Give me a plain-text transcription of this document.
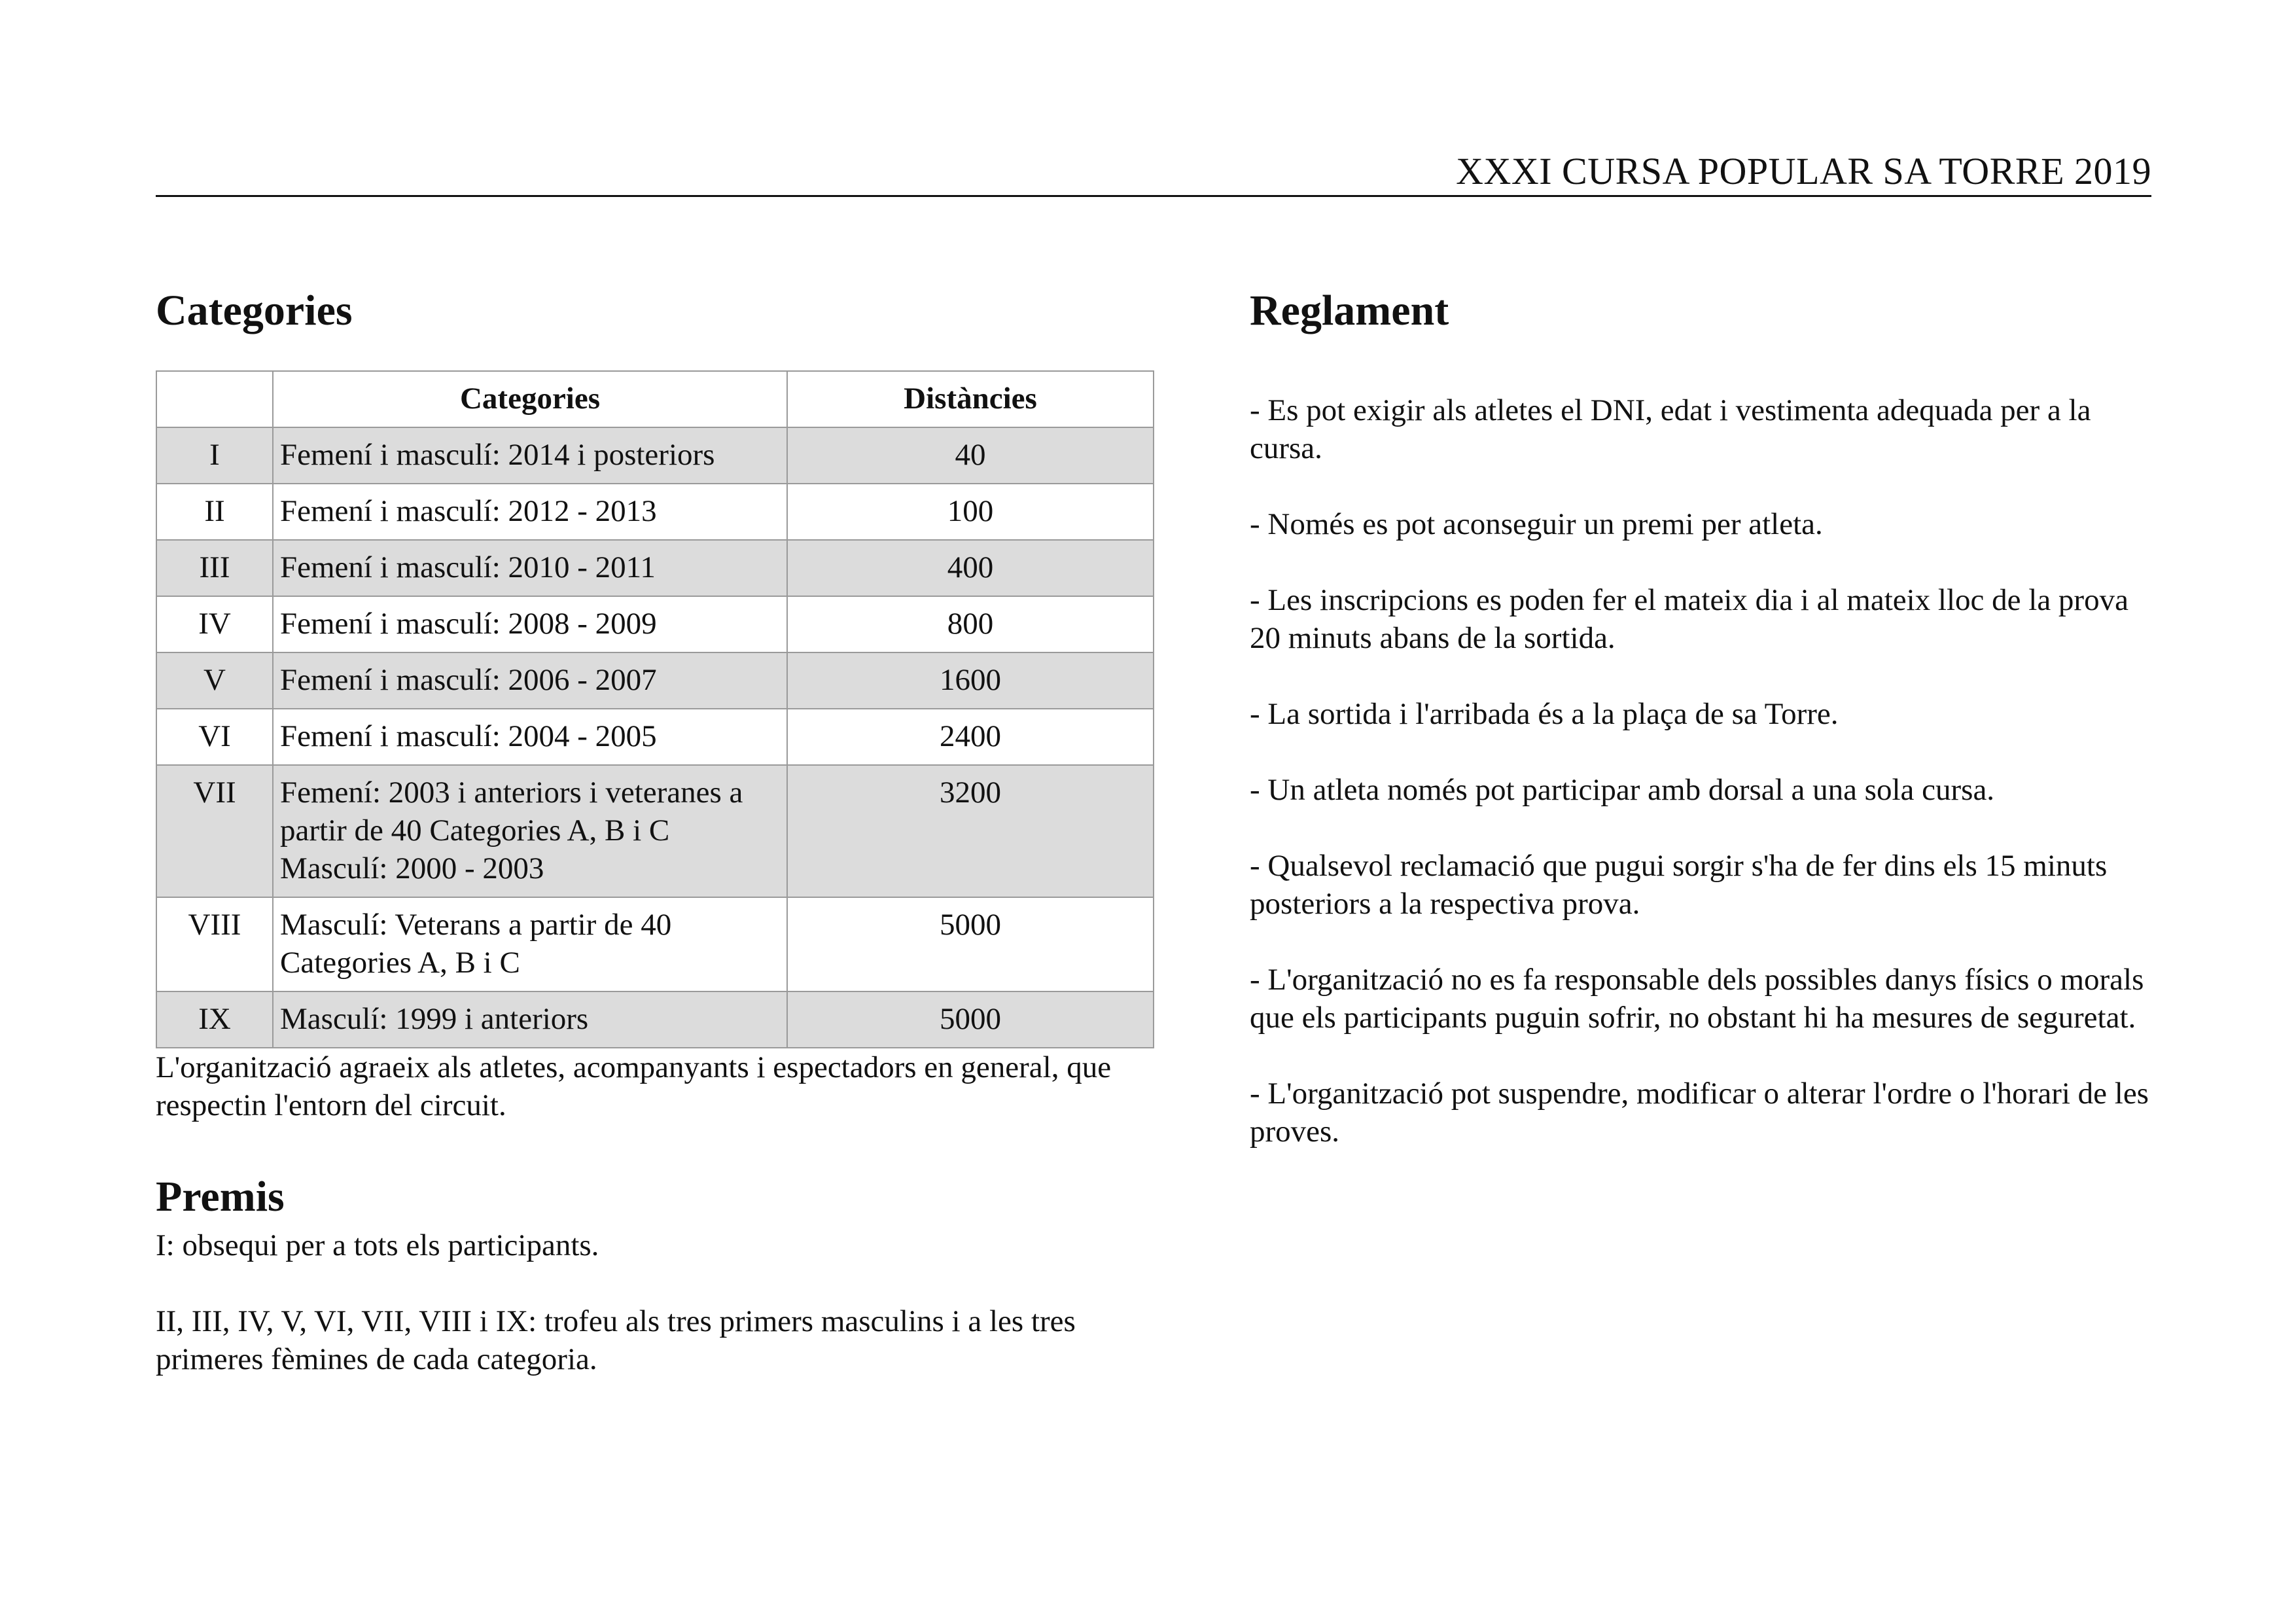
XXXI CURSA POPULAR SA TORRE 2019
Categories
	Categories	Distàncies
I	Femení i masculí: 2014 i posteriors	40
II	Femení i masculí: 2012 - 2013	100
III	Femení i masculí: 2010 - 2011	400
IV	Femení i masculí: 2008 - 2009	800
V	Femení i masculí: 2006 - 2007	1600
VI	Femení i masculí: 2004 - 2005	2400
VII	Femení: 2003 i anteriors i veteranes a partir de 40 Categories A, B i C Masculí: 2000 - 2003	3200
VIII	Masculí: Veterans a partir de 40 Categories A, B i C	5000
IX	Masculí: 1999 i anteriors	5000

L'organització agraeix als atletes, acompanyants i espectadors en general, que respectin l'entorn del circuit.

Premis

I: obsequi per a tots els participants.

II, III, IV, V, VI, VII, VIII i IX: trofeu als tres primers masculins i a les tres primeres fèmines de cada categoria.

Reglament

- Es pot exigir als atletes el DNI, edat i vestimenta adequada per a la cursa.

- Només es pot aconseguir un premi per atleta.

- Les inscripcions es poden fer el mateix dia i al mateix lloc de la prova 20 minuts abans de la sortida.

- La sortida i l'arribada és a la plaça de sa Torre.

- Un atleta només pot participar amb dorsal a una sola cursa.

- Qualsevol reclamació que pugui sorgir s'ha de fer dins els 15 minuts posteriors a la respectiva prova.

- L'organització no es fa responsable dels possibles danys físics o morals que els participants puguin sofrir, no obstant hi ha mesures de seguretat.

- L'organització pot suspendre, modificar o alterar l'ordre o l'horari de les proves.
